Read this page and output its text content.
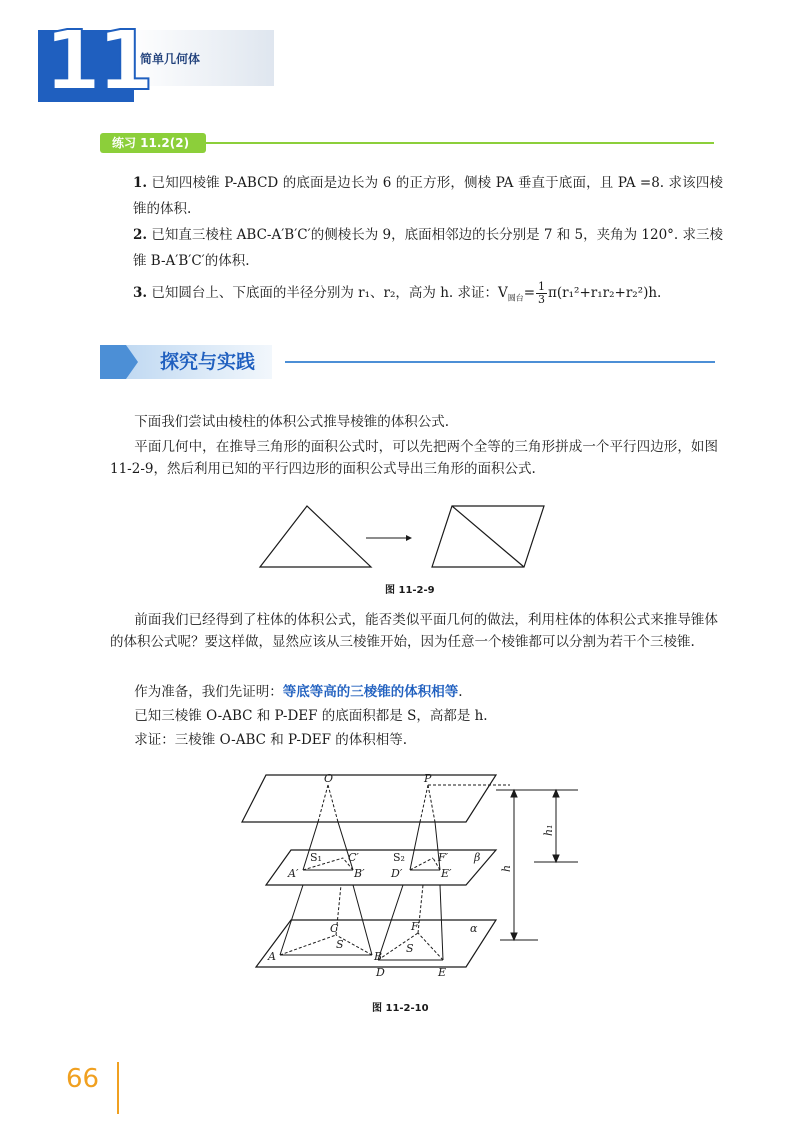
11
简单几何体
练习 11.2(2)
1. 已知四棱锥 P-ABCD 的底面是边长为 6 的正方形，侧棱 PA 垂直于底面，且 PA =8. 求该四棱锥的体积.
2. 已知直三棱柱 ABC-A′B′C′的侧棱长为 9，底面相邻边的长分别是 7 和 5，夹角为 120°. 求三棱锥 B-A′B′C′的体积.
3. 已知圆台上、下底面的半径分别为 r₁、r₂，高为 h. 求证：$V_{圆台}= \frac{1}{3} \pi(r_1^2+r_1r_2+r_2^2)h$.
探究与实践
下面我们尝试由棱柱的体积公式推导棱锥的体积公式.
平面几何中，在推导三角形的面积公式时，可以先把两个全等的三角形拼成一个平行四边形，如图 11-2-9，然后利用已知的平行四边形的面积公式导出三角形的面积公式.
图 11-2-9
前面我们已经得到了柱体的体积公式，能否类似平面几何的做法，利用柱体的体积公式来推导锥体的体积公式呢？要这样做，显然应该从三棱锥开始，因为任意一个棱锥都可以分割为若干个三棱锥.
作为准备，我们先证明：等底等高的三棱锥的体积相等.
已知三棱锥 O-ABC 和 P-DEF 的底面积都是 S，高都是 h.
求证：三棱锥 O-ABC 和 P-DEF 的体积相等.
O	P
S₁ C′	S₂	F′ β
A′	B′ D′	E′
C	F	α
S	S
A	B
D	E
h
h₁
图 11-2-10
66
